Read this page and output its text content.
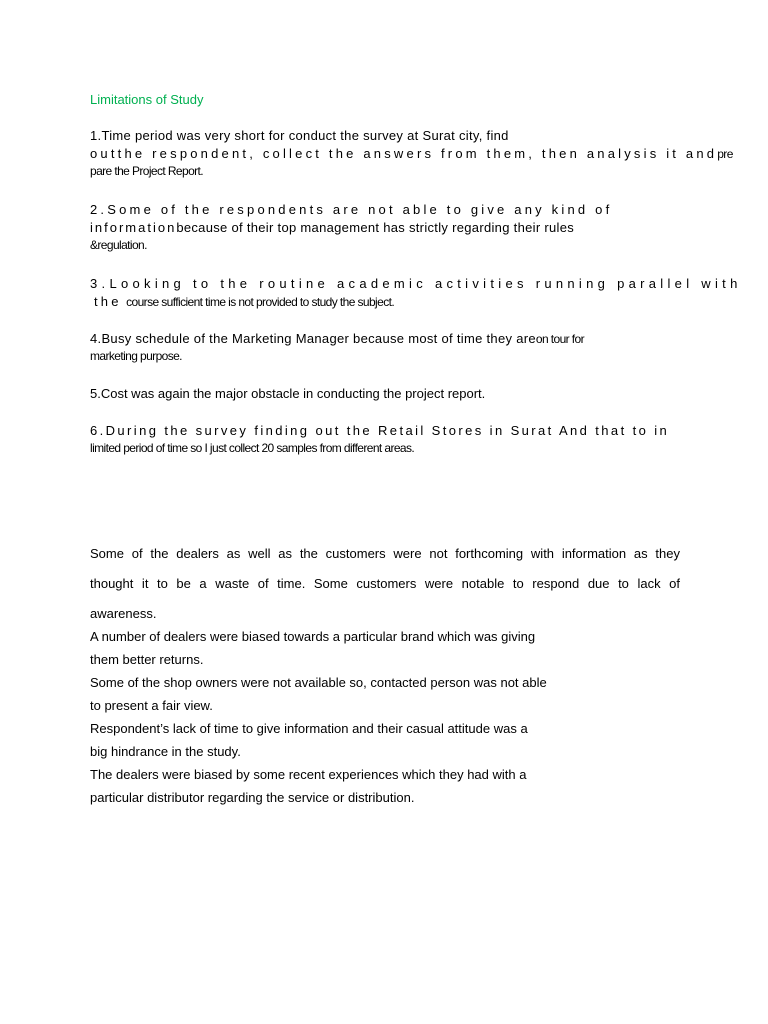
Limitations of Study
1.Time period was very short for conduct the survey at Surat city, find
outthe respondent, collect the answers from them, then analysis it andpre
pare the Project Report.
2.Some of the respondents are not able to give any kind of
informationbecause of their top management has strictly regarding their rules
&regulation.
3.Looking to the routine academic activities running parallel with
the course sufficient time is not provided to study the subject.
4.Busy schedule of the Marketing Manager because most of time they areon tour for
marketing purpose.
5.Cost was again the major obstacle in conducting the project report.
6.During the survey finding out the Retail Stores in Surat And that to in
limited period of time so I just collect 20 samples from different areas.
Some of the dealers as well as the customers were not forthcoming with information as they
thought it to be a waste of time. Some customers were notable to respond due to lack of
awareness.
A number of dealers were biased towards a particular brand which was giving
them better returns.
Some of the shop owners were not available so, contacted person was not able
to present a fair view.
Respondent’s lack of time to give information and their casual attitude was a
big hindrance in the study.
The dealers were biased by some recent experiences which they had with a
particular distributor regarding the service or distribution.
